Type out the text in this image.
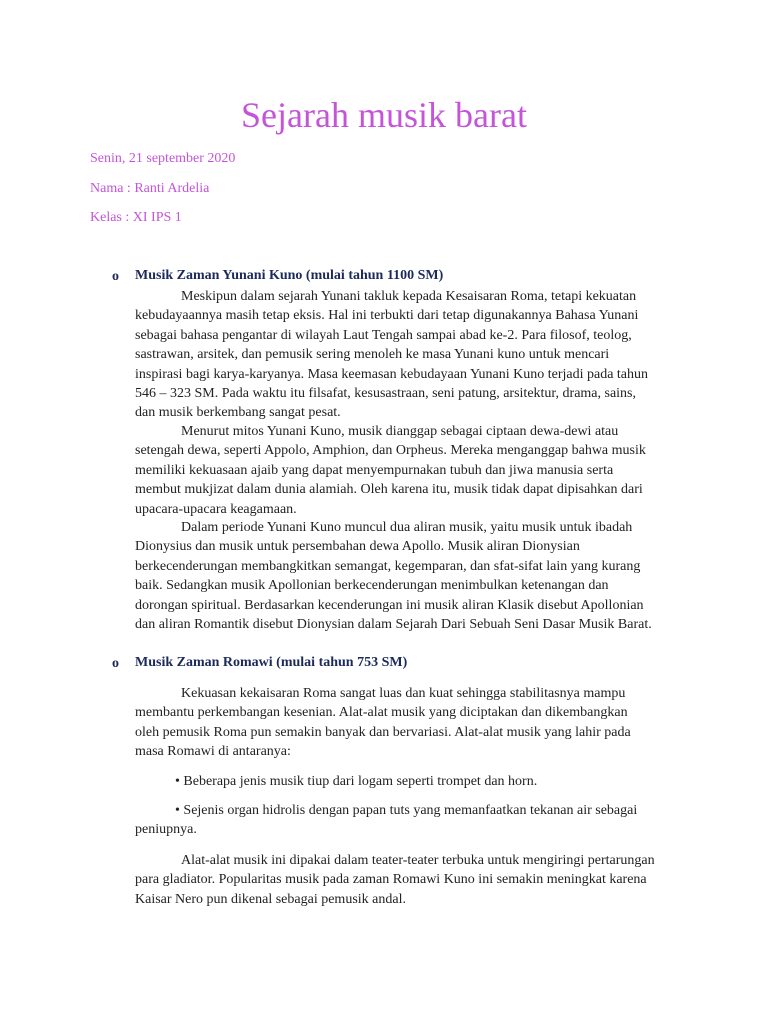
Sejarah musik barat
Senin, 21 september 2020
Nama : Ranti Ardelia
Kelas : XI IPS 1
o	Musik Zaman Yunani Kuno (mulai tahun 1100 SM)

Meskipun dalam sejarah Yunani takluk kepada Kesaisaran Roma, tetapi kekuatan kebudayaannya masih tetap eksis. Hal ini terbukti dari tetap digunakannya Bahasa Yunani sebagai bahasa pengantar di wilayah Laut Tengah sampai abad ke-2. Para filosof, teolog, sastrawan, arsitek, dan pemusik sering menoleh ke masa Yunani kuno untuk mencari inspirasi bagi karya-karyanya. Masa keemasan kebudayaan Yunani Kuno terjadi pada tahun 546 – 323 SM. Pada waktu itu filsafat, kesusastraan, seni patung, arsitektur, drama, sains, dan musik berkembang sangat pesat.

Menurut mitos Yunani Kuno, musik dianggap sebagai ciptaan dewa-dewi atau setengah dewa, seperti Appolo, Amphion, dan Orpheus. Mereka menganggap bahwa musik memiliki kekuasaan ajaib yang dapat menyempurnakan tubuh dan jiwa manusia serta membut mukjizat dalam dunia alamiah. Oleh karena itu, musik tidak dapat dipisahkan dari upacara-upacara keagamaan.

Dalam periode Yunani Kuno muncul dua aliran musik, yaitu musik untuk ibadah Dionysius dan musik untuk persembahan dewa Apollo. Musik aliran Dionysian berkecenderungan membangkitkan semangat, kegemparan, dan sfat-sifat lain yang kurang baik. Sedangkan musik Apollonian berkecenderungan menimbulkan ketenangan dan dorongan spiritual. Berdasarkan kecenderungan ini musik aliran Klasik disebut Apollonian dan aliran Romantik disebut Dionysian dalam Sejarah Dari Sebuah Seni Dasar Musik Barat.

o	Musik Zaman Romawi (mulai tahun 753 SM)

Kekuasan kekaisaran Roma sangat luas dan kuat sehingga stabilitasnya mampu membantu perkembangan kesenian. Alat-alat musik yang diciptakan dan dikembangkan oleh pemusik Roma pun semakin banyak dan bervariasi. Alat-alat musik yang lahir pada masa Romawi di antaranya:

• Beberapa jenis musik tiup dari logam seperti trompet dan horn.

• Sejenis organ hidrolis dengan papan tuts yang memanfaatkan tekanan air sebagai peniupnya.

Alat-alat musik ini dipakai dalam teater-teater terbuka untuk mengiringi pertarungan para gladiator. Popularitas musik pada zaman Romawi Kuno ini semakin meningkat karena Kaisar Nero pun dikenal sebagai pemusik andal.
